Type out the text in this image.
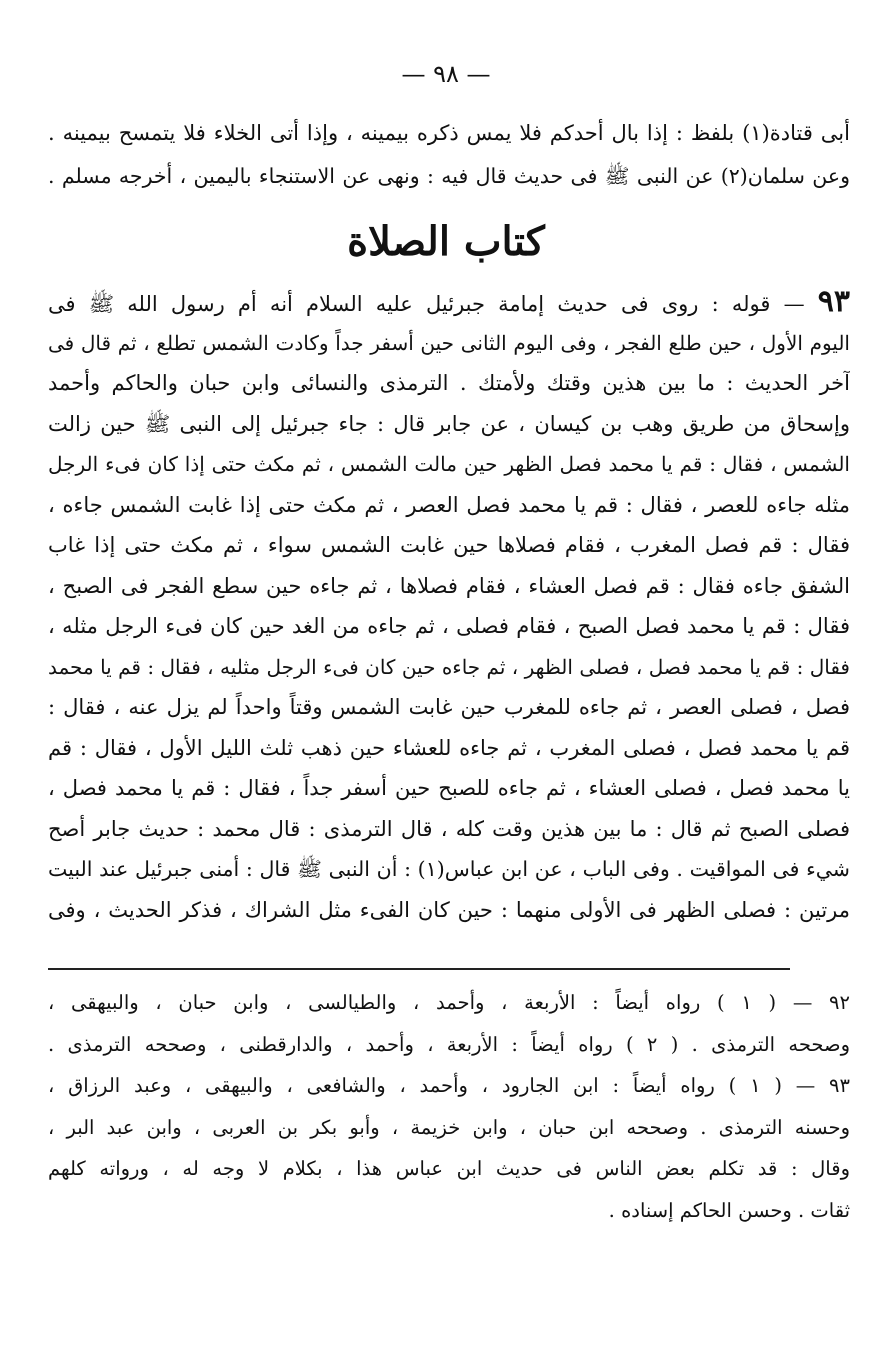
— ٩٨ —
أبى قتادة(١) بلفظ : إذا بال أحدكم فلا يمس ذكره بيمينه ، وإذا أتى الخلاء فلا يتمسح بيمينه .
وعن سلمان(٢) عن النبى ﷺ فى حديث قال فيه : ونهى عن الاستنجاء باليمين ، أخرجه مسلم .
كتاب الصلاة
٩٣ — قوله : روى فى حديث إمامة جبرئيل عليه السلام أنه أم رسول الله ﷺ فى
اليوم الأول ، حين طلع الفجر ، وفى اليوم الثانى حين أسفر جداً وكادت الشمس تطلع ، ثم قال فى
آخر الحديث : ما بين هذين وقتك ولأمتك . الترمذى والنسائى وابن حبان والحاكم وأحمد
وإسحاق من طريق وهب بن كيسان ، عن جابر قال : جاء جبرئيل إلى النبى ﷺ حين زالت
الشمس ، فقال : قم يا محمد فصل الظهر حين مالت الشمس ، ثم مكث حتى إذا كان فىء الرجل
مثله جاءه للعصر ، فقال : قم يا محمد فصل العصر ، ثم مكث حتى إذا غابت الشمس جاءه ،
فقال : قم فصل المغرب ، فقام فصلاها حين غابت الشمس سواء ، ثم مكث حتى إذا غاب
الشفق جاءه فقال : قم فصل العشاء ، فقام فصلاها ، ثم جاءه حين سطع الفجر فى الصبح ،
فقال : قم يا محمد فصل الصبح ، فقام فصلى ، ثم جاءه من الغد حين كان فىء الرجل مثله ،
فقال : قم يا محمد فصل ، فصلى الظهر ، ثم جاءه حين كان فىء الرجل مثليه ، فقال : قم يا محمد
فصل ، فصلى العصر ، ثم جاءه للمغرب حين غابت الشمس وقتاً واحداً لم يزل عنه ، فقال :
قم يا محمد فصل ، فصلى المغرب ، ثم جاءه للعشاء حين ذهب ثلث الليل الأول ، فقال : قم
يا محمد فصل ، فصلى العشاء ، ثم جاءه للصبح حين أسفر جداً ، فقال : قم يا محمد فصل ،
فصلى الصبح ثم قال : ما بين هذين وقت كله ، قال الترمذى : قال محمد : حديث جابر أصح
شيء فى المواقيت . وفى الباب ، عن ابن عباس(١) : أن النبى ﷺ قال : أمنى جبرئيل عند البيت
مرتين : فصلى الظهر فى الأولى منهما : حين كان الفىء مثل الشراك ، فذكر الحديث ، وفى
٩٢ — ( ١ ) رواه أيضاً : الأربعة ، وأحمد ، والطيالسى ، وابن حبان ، والبيهقى ،
وصححه الترمذى . ( ٢ ) رواه أيضاً : الأربعة ، وأحمد ، والدارقطنى ، وصححه الترمذى .
٩٣ — ( ١ ) رواه أيضاً : ابن الجارود ، وأحمد ، والشافعى ، والبيهقى ، وعبد الرزاق ،
وحسنه الترمذى . وصححه ابن حبان ، وابن خزيمة ، وأبو بكر بن العربى ، وابن عبد البر ،
وقال : قد تكلم بعض الناس فى حديث ابن عباس هذا ، بكلام لا وجه له ، ورواته كلهم
ثقات . وحسن الحاكم إسناده .
